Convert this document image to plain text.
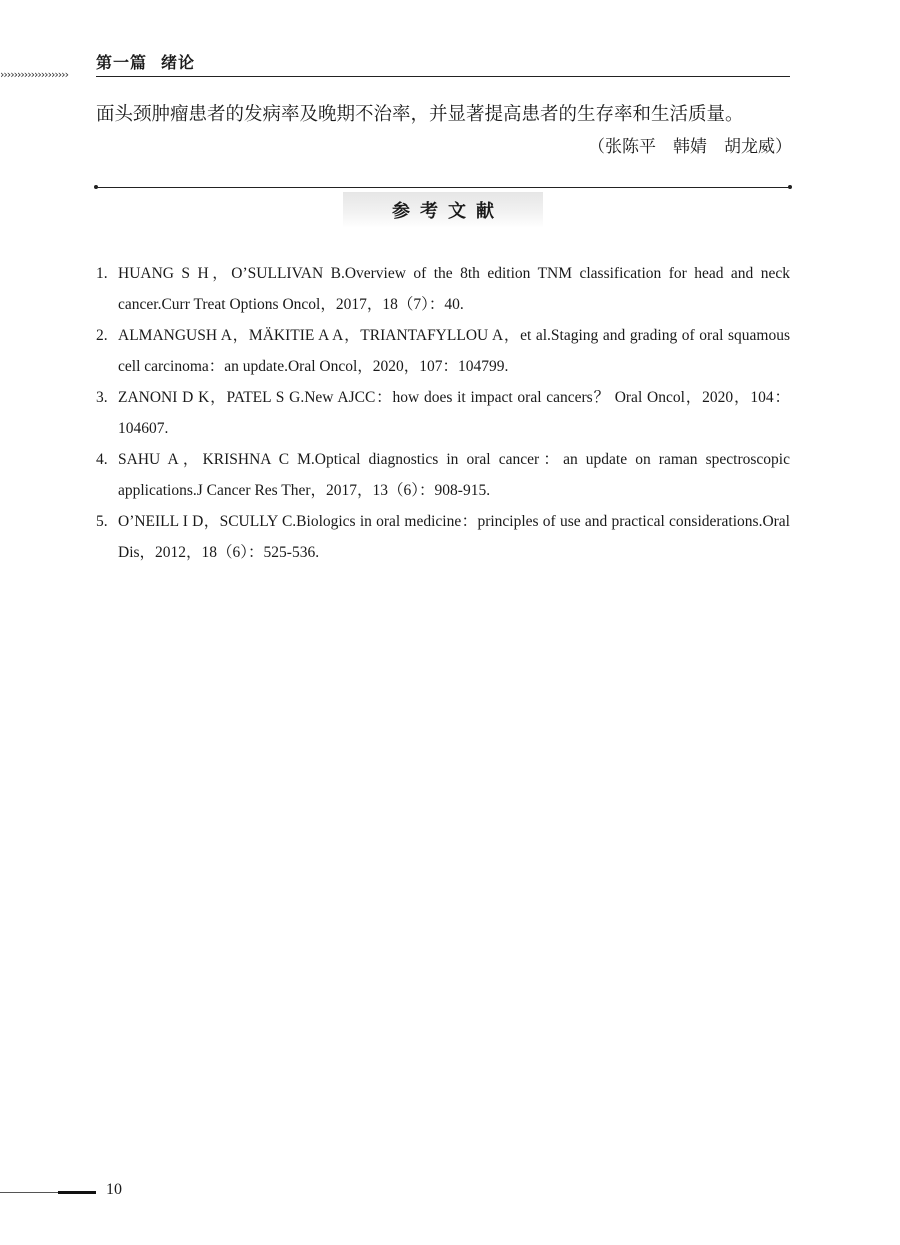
第一篇 绪论
››››››››››››››››››››
面头颈肿瘤患者的发病率及晚期不治率，并显著提高患者的生存率和生活质量。
（张陈平　韩婧　胡龙威）
参考文献
1. HUANG S H，O’SULLIVAN B.Overview of the 8th edition TNM classification for head and neck cancer.Curr Treat Options Oncol，2017，18（7）：40.
2. ALMANGUSH A，MÄKITIE A A，TRIANTAFYLLOU A，et al.Staging and grading of oral squamous cell carcinoma：an update.Oral Oncol，2020，107：104799.
3. ZANONI D K，PATEL S G.New AJCC：how does it impact oral cancers？ Oral Oncol，2020，104：104607.
4. SAHU A，KRISHNA C M.Optical diagnostics in oral cancer：an update on raman spectroscopic applications.J Cancer Res Ther，2017，13（6）：908-915.
5. O’NEILL I D，SCULLY C.Biologics in oral medicine：principles of use and practical considerations.Oral Dis，2012，18（6）：525-536.
10
